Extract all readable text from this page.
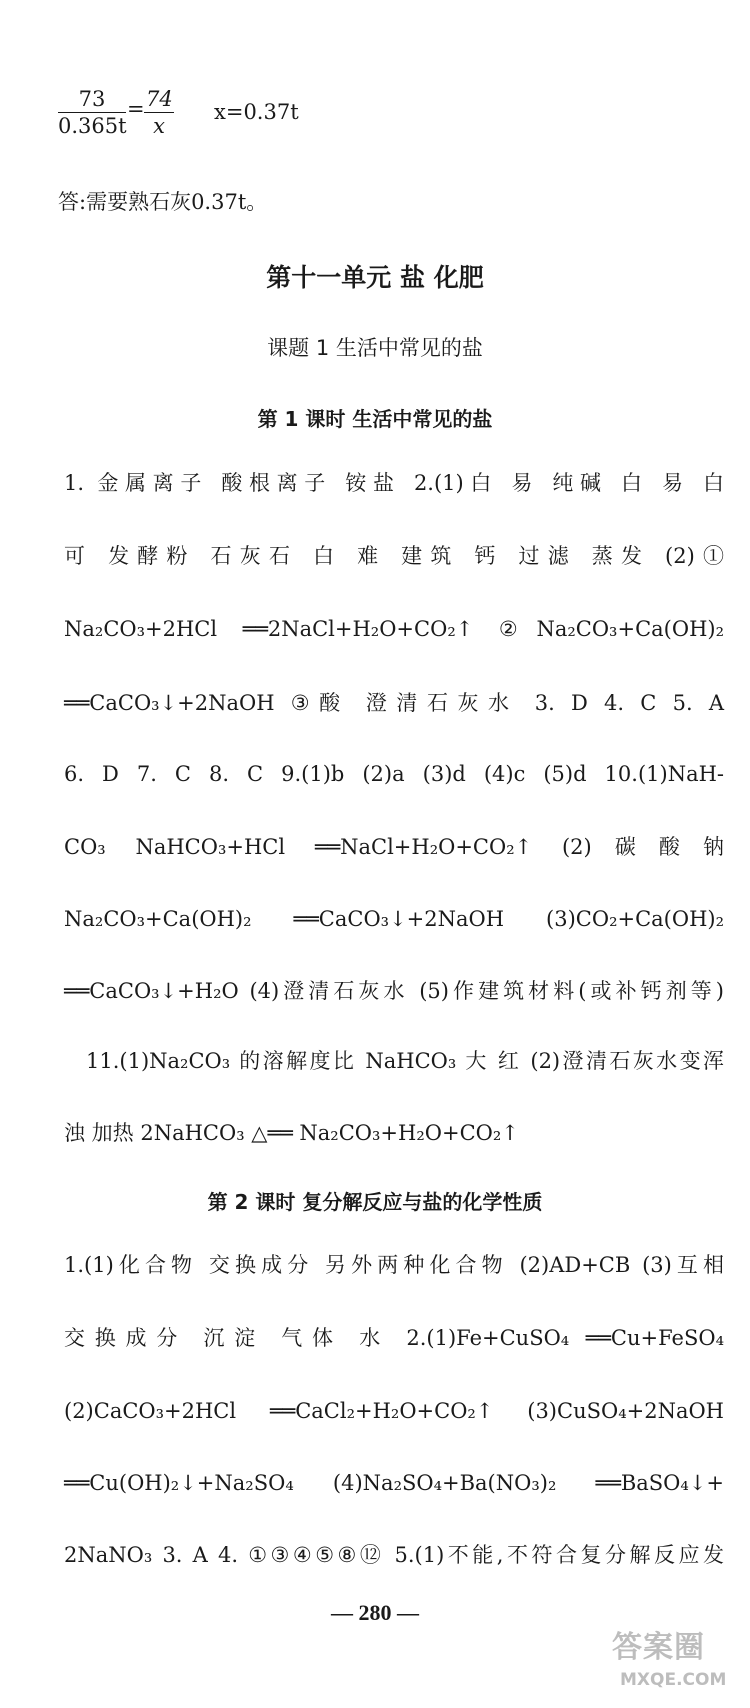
$\frac{73}{0.365t} = \frac{74}{x} x=0.37t$
答:需要熟石灰0.37t。
第十一单元 盐 化肥
课题 1 生活中常见的盐
第 1 课时 生活中常见的盐
1. 金属离子 酸根离子 铵盐 2.(1)白 易 纯碱 白 易 白
可 发酵粉 石灰石 白 难 建筑 钙 过滤 蒸发 (2)①
Na₂CO₃+2HCl ══2NaCl+H₂O+CO₂↑ ②Na₂CO₃+Ca(OH)₂
══CaCO₃↓+2NaOH ③酸 澄清石灰水 3. D 4. C 5. A
6. D 7. C 8. C 9.(1)b (2)a (3)d (4)c (5)d 10.(1)NaH-
CO₃ NaHCO₃+HCl ══NaCl+H₂O+CO₂↑ (2)碳酸钠
Na₂CO₃+Ca(OH)₂ ══CaCO₃↓+2NaOH (3)CO₂+Ca(OH)₂
══CaCO₃↓+H₂O (4)澄清石灰水 (5)作建筑材料(或补钙剂等)
11.(1)Na₂CO₃ 的溶解度比 NaHCO₃ 大 红 (2)澄清石灰水变浑
浊 加热 2NaHCO₃ △══ Na₂CO₃+H₂O+CO₂↑
第 2 课时 复分解反应与盐的化学性质
1.(1)化合物 交换成分 另外两种化合物 (2)AD+CB (3)互相
交换成分 沉淀 气体 水 2.(1)Fe+CuSO₄ ══Cu+FeSO₄
(2)CaCO₃+2HCl ══CaCl₂+H₂O+CO₂↑ (3)CuSO₄+2NaOH
══Cu(OH)₂↓+Na₂SO₄ (4)Na₂SO₄+Ba(NO₃)₂ ══BaSO₄↓+
2NaNO₃ 3. A 4. ①③④⑤⑧⑫ 5.(1)不能,不符合复分解反应发
— 280 —
答案圈
MXQE.COM
